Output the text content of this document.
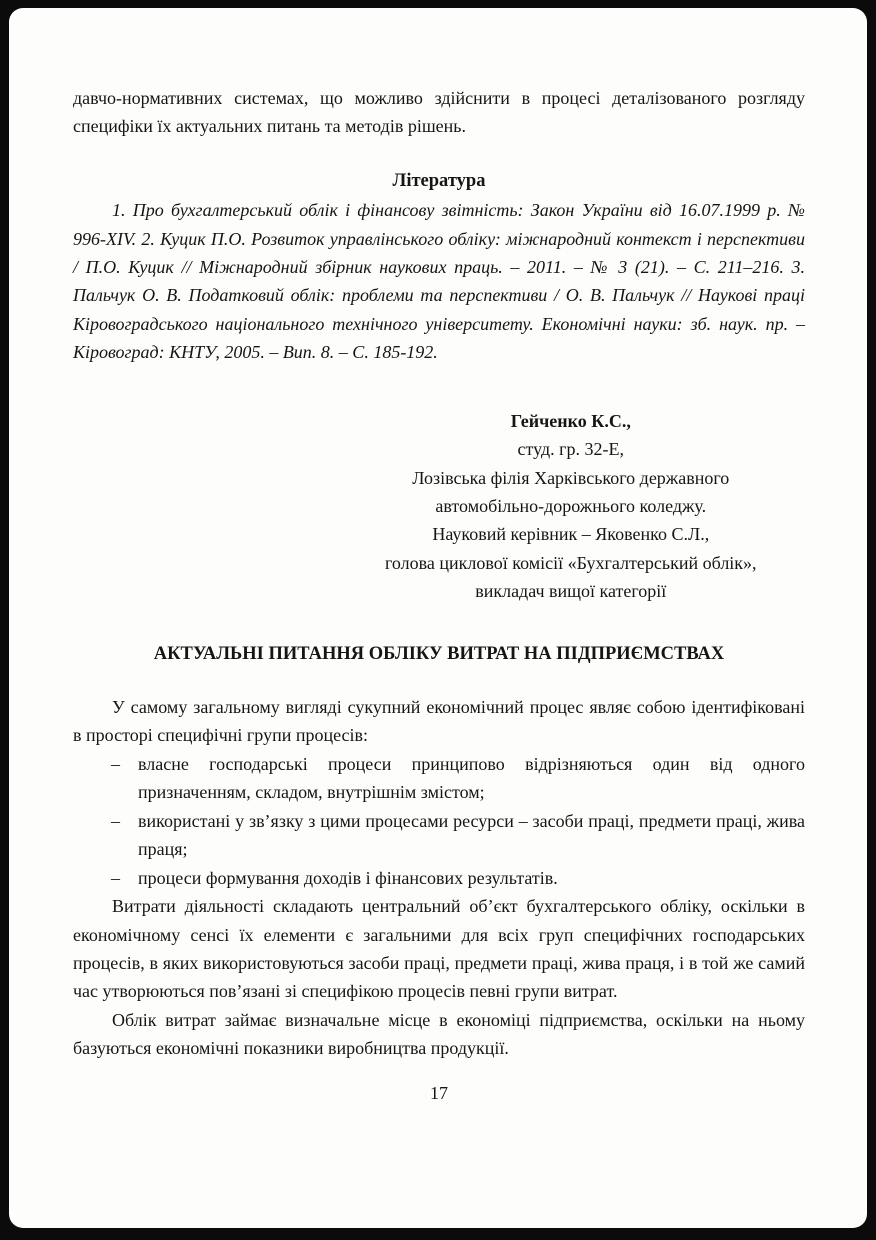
давчо-нормативних системах, що можливо здійснити в процесі деталізованого розгляду специфіки їх актуальних питань та методів рішень.

Література

1. Про бухгалтерський облік і фінансову звітність: Закон України від 16.07.1999 р. № 996-XIV. 2. Куцик П.О. Розвиток управлінського обліку: міжнародний контекст і перспективи / П.О. Куцик // Міжнародний збірник наукових праць. – 2011. – № 3 (21). – С. 211–216. 3. Пальчук О. В. Податковий облік: проблеми та перспективи / О. В. Пальчук // Наукові праці Кіровоградського національного технічного університету. Економічні науки: зб. наук. пр. – Кіровоград: КНТУ, 2005. – Вип. 8. – С. 185-192.

Гейченко К.С.,
студ. гр. 32-Е,
Лозівська філія Харківського державного
автомобільно-дорожнього коледжу.
Науковий керівник – Яковенко С.Л.,
голова циклової комісії «Бухгалтерський облік»,
викладач вищої категорії
АКТУАЛЬНІ ПИТАННЯ ОБЛІКУ ВИТРАТ НА ПІДПРИЄМСТВАХ

У самому загальному вигляді сукупний економічний процес являє собою ідентифіковані в просторі специфічні групи процесів:

–	власне господарські процеси принципово відрізняються один від одного призначенням, складом, внутрішнім змістом;
–	використані у зв’язку з цими процесами ресурси – засоби праці, предмети праці, жива праця;
–	процеси формування доходів і фінансових результатів.

Витрати діяльності складають центральний об’єкт бухгалтерського обліку, оскільки в економічному сенсі їх елементи є загальними для всіх груп специфічних господарських процесів, в яких використовуються засоби праці, предмети праці, жива праця, і в той же самий час утворюються пов’язані зі специфікою процесів певні групи витрат.

Облік витрат займає визначальне місце в економіці підприємства, оскільки на ньому базуються економічні показники виробництва продукції.

17
